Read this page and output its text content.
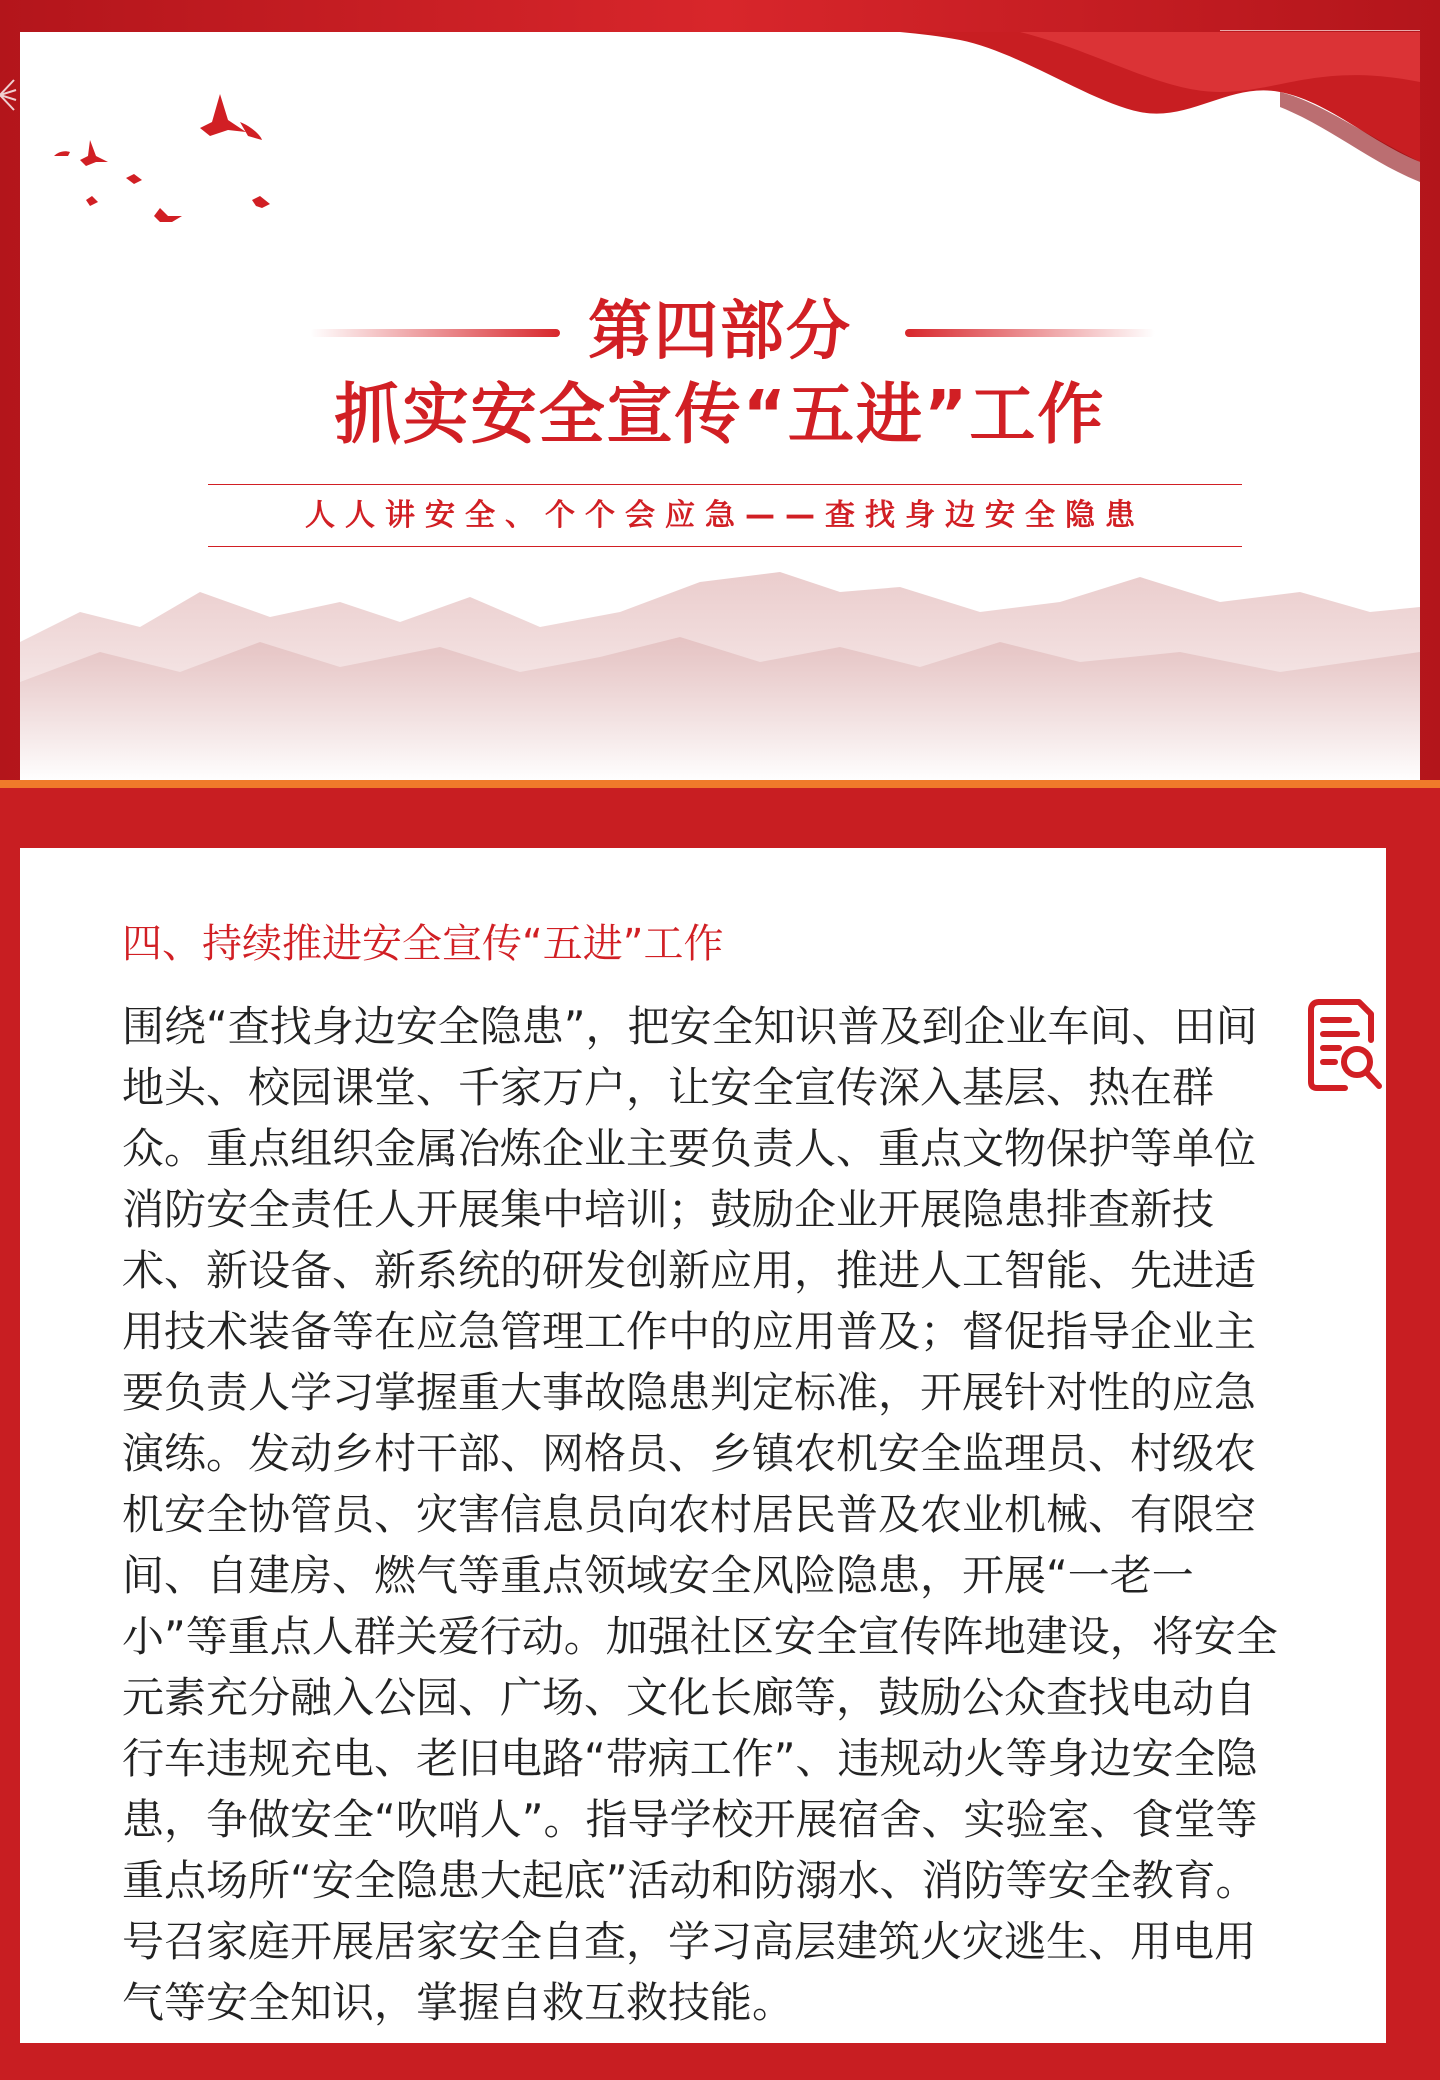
第四部分
抓实安全宣传“五进”工作
人人讲安全、个个会应急——查找身边安全隐患
四、持续推进安全宣传“五进”工作

围绕“查找身边安全隐患”，把安全知识普及到企业车间、田间地头、校园课堂、千家万户，让安全宣传深入基层、热在群众。重点组织金属冶炼企业主要负责人、重点文物保护等单位消防安全责任人开展集中培训；鼓励企业开展隐患排查新技术、新设备、新系统的研发创新应用，推进人工智能、先进适用技术装备等在应急管理工作中的应用普及；督促指导企业主要负责人学习掌握重大事故隐患判定标准，开展针对性的应急演练。发动乡村干部、网格员、乡镇农机安全监理员、村级农机安全协管员、灾害信息员向农村居民普及农业机械、有限空间、自建房、燃气等重点领域安全风险隐患，开展“一老一小”等重点人群关爱行动。加强社区安全宣传阵地建设，将安全元素充分融入公园、广场、文化长廊等，鼓励公众查找电动自行车违规充电、老旧电路“带病工作”、违规动火等身边安全隐患，争做安全“吹哨人”。指导学校开展宿舍、实验室、食堂等重点场所“安全隐患大起底”活动和防溺水、消防等安全教育。号召家庭开展居家安全自查，学习高层建筑火灾逃生、用电用气等安全知识，掌握自救互救技能。
